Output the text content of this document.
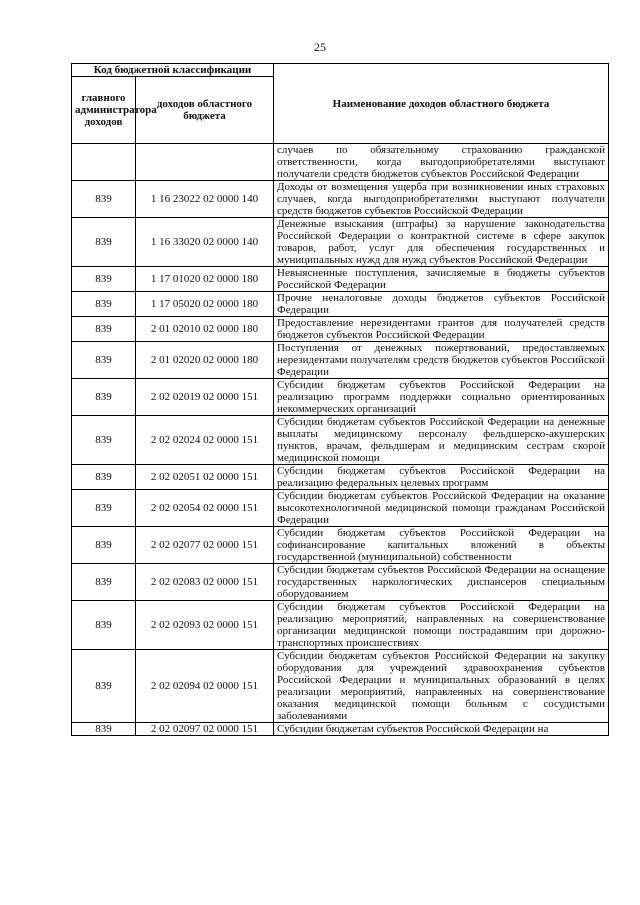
25
Код бюджетной классификации		Наименование доходов областного бюджета
главного администратора доходов	доходов областного бюджета	
		случаев по обязательному страхованию гражданской ответственности, когда выгодоприобретателями выступают получатели средств бюджетов субъектов Российской Федерации
839	1 16 23022 02 0000 140	Доходы от возмещения ущерба при возникновении иных страховых случаев, когда выгодоприобретателями выступают получатели средств бюджетов субъектов Российской Федерации
839	1 16 33020 02 0000 140	Денежные взыскания (штрафы) за нарушение законодательства Российской Федерации о контрактной системе в сфере закупок товаров, работ, услуг для обеспечения государственных и муниципальных нужд для нужд субъектов Российской Федерации
839	1 17 01020 02 0000 180	Невыясненные поступления, зачисляемые в бюджеты субъектов Российской Федерации
839	1 17 05020 02 0000 180	Прочие неналоговые доходы бюджетов субъектов Российской Федерации
839	2 01 02010 02 0000 180	Предоставление нерезидентами грантов для получателей средств бюджетов субъектов Российской Федерации
839	2 01 02020 02 0000 180	Поступления от денежных пожертвований, предоставляемых нерезидентами получателям средств бюджетов субъектов Российской Федерации
839	2 02 02019 02 0000 151	Субсидии бюджетам субъектов Российской Федерации на реализацию программ поддержки социально ориентированных некоммерческих организаций
839	2 02 02024 02 0000 151	Субсидии бюджетам субъектов Российской Федерации на денежные выплаты медицинскому персоналу фельдшерско-акушерских пунктов, врачам, фельдшерам и медицинским сестрам скорой медицинской помощи
839	2 02 02051 02 0000 151	Субсидии бюджетам субъектов Российской Федерации на реализацию федеральных целевых программ
839	2 02 02054 02 0000 151	Субсидии бюджетам субъектов Российской Федерации на оказание высокотехнологичной медицинской помощи гражданам Российской Федерации
839	2 02 02077 02 0000 151	Субсидии бюджетам субъектов Российской Федерации на софинансирование капитальных вложений в объекты государственной (муниципальной) собственности
839	2 02 02083 02 0000 151	Субсидии бюджетам субъектов Российской Федерации на оснащение государственных наркологических диспансеров специальным оборудованием
839	2 02 02093 02 0000 151	Субсидии бюджетам субъектов Российской Федерации на реализацию мероприятий, направленных на совершенствование организации медицинской помощи пострадавшим при дорожно-транспортных происшествиях
839	2 02 02094 02 0000 151	Субсидии бюджетам субъектов Российской Федерации на закупку оборудования для учреждений здравоохранения субъектов Российской Федерации и муниципальных образований в целях реализации мероприятий, направленных на совершенствование оказания медицинской помощи больным с сосудистыми заболеваниями
839	2 02 02097 02 0000 151	Субсидии бюджетам субъектов Российской Федерации на
